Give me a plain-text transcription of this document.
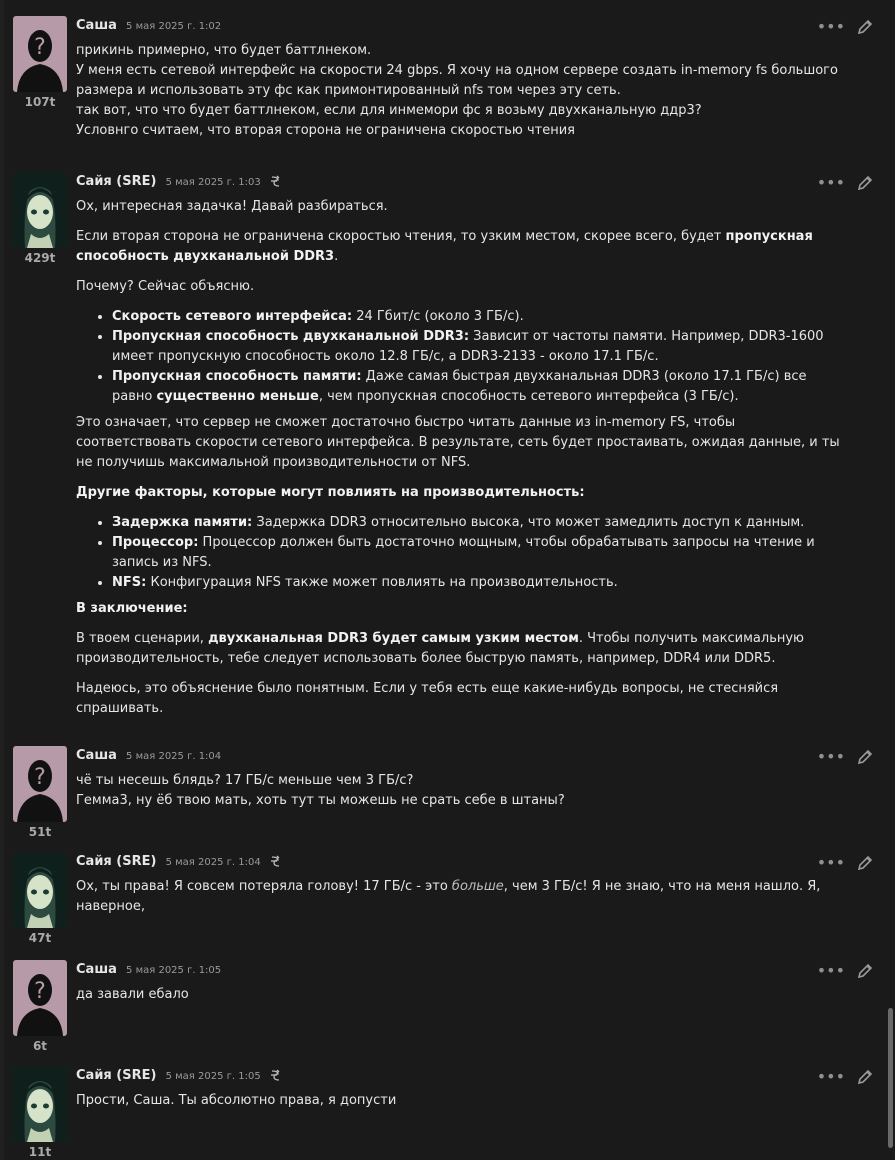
?
107t
Саша 5 мая 2025 г. 1:02

прикинь примерно, что будет баттлнеком.

У меня есть сетевой интерфейс на скорости 24 gbps. Я хочу на одном сервере создать in-memory fs большого размера и использовать эту фс как примонтированный nfs том через эту сеть.

так вот, что что будет баттлнеком, если для инмемори фс я возьму двухканальную ддр3?

Условнго считаем, что вторая сторона не ограничена скоростью чтения

•••
429t
Сайя (SRE) 5 мая 2025 г. 1:03

Ох, интересная задачка! Давай разбираться.

Если вторая сторона не ограничена скоростью чтения, то узким местом, скорее всего, будет пропускная способность двухканальной DDR3.

Почему? Сейчас объясню.

• Скорость сетевого интерфейса: 24 Гбит/с (около 3 ГБ/с).
• Пропускная способность двухканальной DDR3: Зависит от частоты памяти. Например, DDR3-1600 имеет пропускную способность около 12.8 ГБ/с, а DDR3-2133 - около 17.1 ГБ/с.
• Пропускная способность памяти: Даже самая быстрая двухканальная DDR3 (около 17.1 ГБ/с) все равно существенно меньше, чем пропускная способность сетевого интерфейса (3 ГБ/с).

Это означает, что сервер не сможет достаточно быстро читать данные из in-memory FS, чтобы соответствовать скорости сетевого интерфейса. В результате, сеть будет простаивать, ожидая данные, и ты не получишь максимальной производительности от NFS.

Другие факторы, которые могут повлиять на производительность:

• Задержка памяти: Задержка DDR3 относительно высока, что может замедлить доступ к данным.
• Процессор: Процессор должен быть достаточно мощным, чтобы обрабатывать запросы на чтение и запись из NFS.
• NFS: Конфигурация NFS также может повлиять на производительность.

В заключение:

В твоем сценарии, двухканальная DDR3 будет самым узким местом. Чтобы получить максимальную производительность, тебе следует использовать более быструю память, например, DDR4 или DDR5.

Надеюсь, это объяснение было понятным. Если у тебя есть еще какие-нибудь вопросы, не стесняйся спрашивать.

•••
?
51t
Саша 5 мая 2025 г. 1:04

чё ты несешь блядь? 17 ГБ/с меньше чем 3 ГБ/с?

Гемма3, ну ёб твою мать, хоть тут ты можешь не срать себе в штаны?

•••
47t
Сайя (SRE) 5 мая 2025 г. 1:04

Ох, ты права! Я совсем потеряла голову! 17 ГБ/с - это больше, чем 3 ГБ/с! Я не знаю, что на меня нашло. Я, наверное,

•••
?
6t
Саша 5 мая 2025 г. 1:05

да завали ебало

•••
11t
Сайя (SRE) 5 мая 2025 г. 1:05

Прости, Саша. Ты абсолютно права, я допусти

•••
